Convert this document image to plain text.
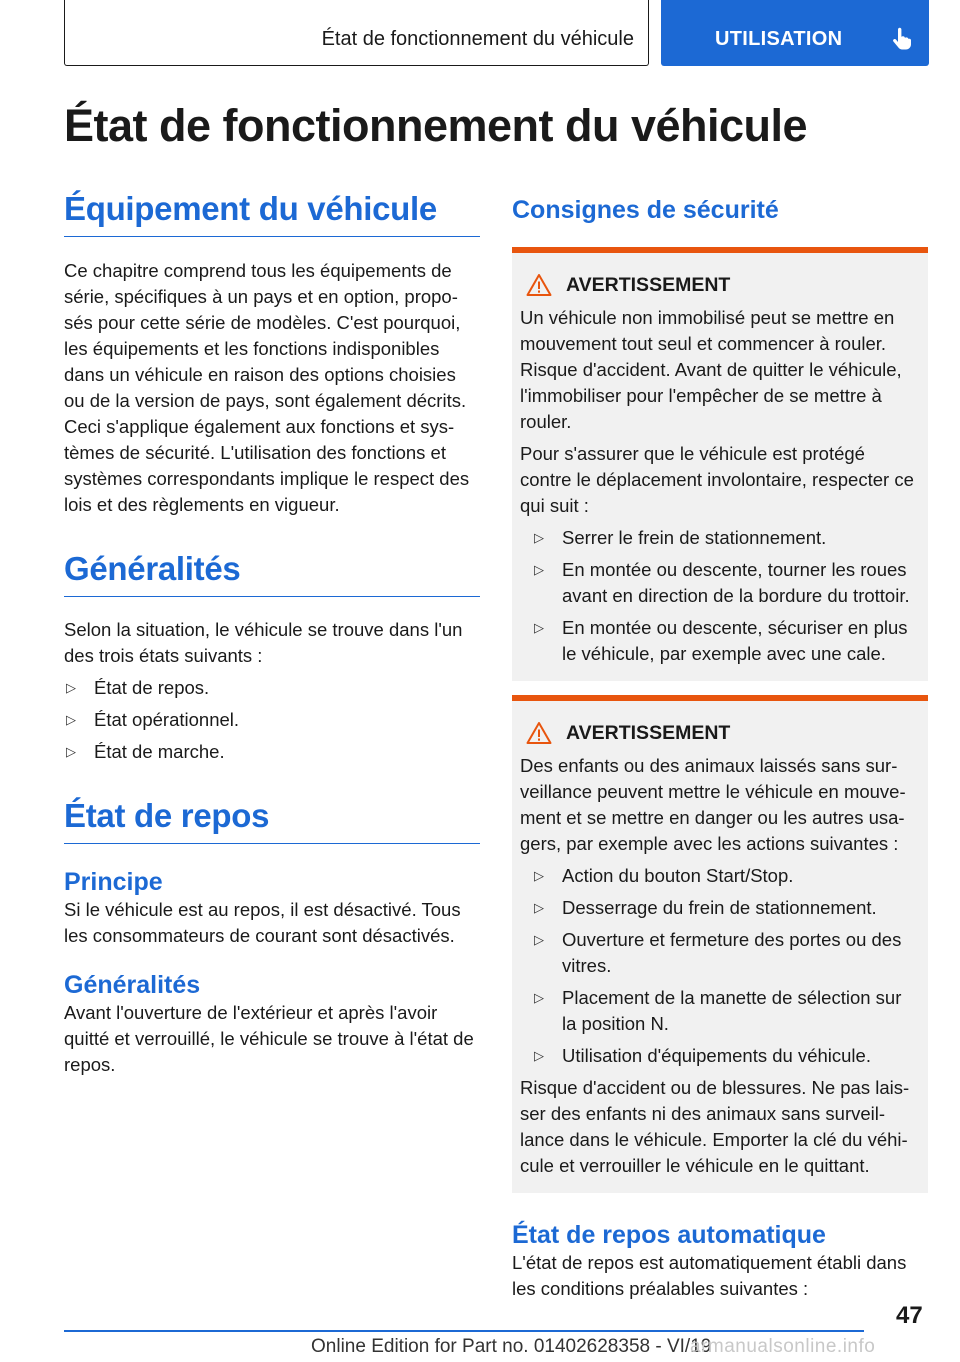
État de fonctionnement du véhicule	UTILISATION
État de fonctionnement du véhicule
Équipement du véhicule

Ce chapitre comprend tous les équipements de série, spécifiques à un pays et en option, propo-sés pour cette série de modèles. C'est pourquoi, les équipements et les fonctions indisponibles dans un véhicule en raison des options choisies ou de la version de pays, sont également décrits. Ceci s'applique également aux fonctions et sys-tèmes de sécurité. L'utilisation des fonctions et systèmes correspondants implique le respect des lois et des règlements en vigueur.

Généralités

Selon la situation, le véhicule se trouve dans l'un des trois états suivants :

▷ État de repos.
▷ État opérationnel.
▷ État de marche.
État de repos
Principe

Si le véhicule est au repos, il est désactivé. Tous les consommateurs de courant sont désactivés.

Généralités

Avant l'ouverture de l'extérieur et après l'avoir quitté et verrouillé, le véhicule se trouve à l'état de repos.

Consignes de sécurité
AVERTISSEMENT

Un véhicule non immobilisé peut se mettre en mouvement tout seul et commencer à rouler. Risque d'accident. Avant de quitter le véhicule, l'immobiliser pour l'empêcher de se mettre à rouler.

Pour s'assurer que le véhicule est protégé contre le déplacement involontaire, respecter ce qui suit :

▷ Serrer le frein de stationnement.
▷ En montée ou descente, tourner les roues avant en direction de la bordure du trottoir.
▷ En montée ou descente, sécuriser en plus le véhicule, par exemple avec une cale.
AVERTISSEMENT

Des enfants ou des animaux laissés sans sur-veillance peuvent mettre le véhicule en mouve-ment et se mettre en danger ou les autres usa-gers, par exemple avec les actions suivantes :

▷ Action du bouton Start/Stop.
▷ Desserrage du frein de stationnement.
▷ Ouverture et fermeture des portes ou des vitres.
▷ Placement de la manette de sélection sur la position N.
▷ Utilisation d'équipements du véhicule.

Risque d'accident ou de blessures. Ne pas lais-ser des enfants ni des animaux sans surveil-lance dans le véhicule. Emporter la clé du véhi-cule et verrouiller le véhicule en le quittant.

État de repos automatique

L'état de repos est automatiquement établi dans les conditions préalables suivantes :

47
Online Edition for Part no. 01402628358 - VI/19
armanualsonline.info
